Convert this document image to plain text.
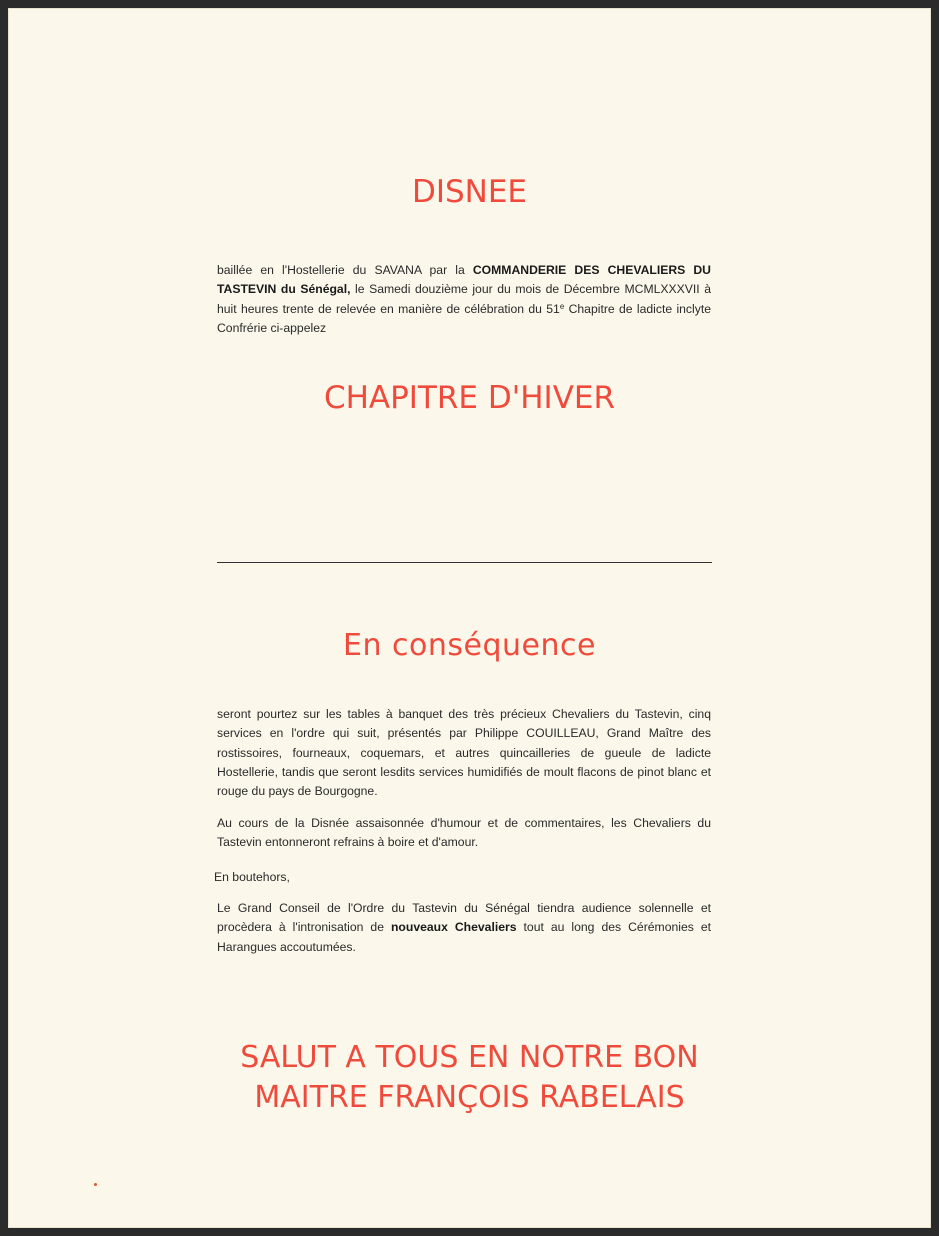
DISNEE

baillée en l'Hostellerie du SAVANA par la COMMANDERIE DES CHEVALIERS DU TASTEVIN du Sénégal, le Samedi douzième jour du mois de Décembre MCMLXXXVII à huit heures trente de relevée en manière de célébration du 51e Chapitre de ladicte inclyte Confrérie ci-appelez

CHAPITRE D'HIVER
En conséquence

seront pourtez sur les tables à banquet des très précieux Chevaliers du Tastevin, cinq services en l'ordre qui suit, présentés par Philippe COUILLEAU, Grand Maître des rostissoires, fourneaux, coquemars, et autres quincailleries de gueule de ladicte Hostellerie, tandis que seront lesdits services humidifiés de moult flacons de pinot blanc et rouge du pays de Bourgogne.

Au cours de la Disnée assaisonnée d'humour et de commentaires, les Chevaliers du Tastevin entonneront refrains à boire et d'amour.

En boutehors,

Le Grand Conseil de l'Ordre du Tastevin du Sénégal tiendra audience solennelle et procèdera à l'intronisation de nouveaux Chevaliers tout au long des Cérémonies et Harangues accoutumées.

SALUT A TOUS EN NOTRE BON
MAITRE FRANÇOIS RABELAIS
